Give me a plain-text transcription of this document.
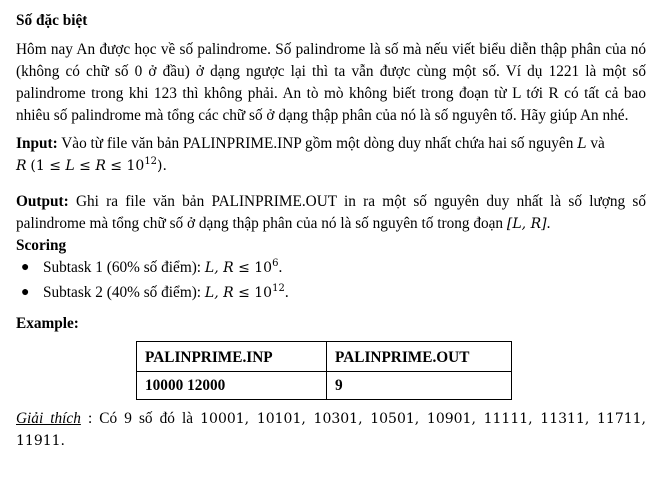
Số đặc biệt

Hôm nay An được học về số palindrome. Số palindrome là số mà nếu viết biểu diễn thập phân của nó (không có chữ số 0 ở đầu) ở dạng ngược lại thì ta vẫn được cùng một số. Ví dụ 1221 là một số palindrome trong khi 123 thì không phải. An tò mò không biết trong đoạn từ L tới R có tất cả bao nhiêu số palindrome mà tổng các chữ số ở dạng thập phân của nó là số nguyên tố. Hãy giúp An nhé.

Input: Vào từ file văn bản PALINPRIME.INP gồm một dòng duy nhất chứa hai số nguyên L và
R $(1 \le L \le R \le 10^{12})$.

Output: Ghi ra file văn bản PALINPRIME.OUT in ra một số nguyên duy nhất là số lượng số palindrome mà tổng chữ số ở dạng thập phân của nó là số nguyên tố trong đoạn [L, R].

Scoring
● Subtask 1 (60% số điểm): L, $R \le 10^6$.
● Subtask 2 (40% số điểm): L, $R \le 10^{12}$.
Example:
PALINPRIME.INP	PALINPRIME.OUT
10000 12000	9

Giải thích : Có 9 số đó là 10001, 10101, 10301, 10501, 10901, 11111, 11311, 11711, 11911.
